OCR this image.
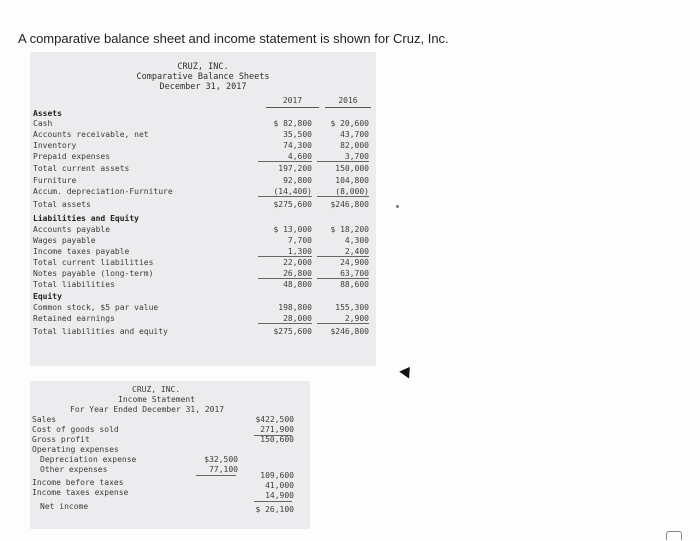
A comparative balance sheet and income statement is shown for Cruz, Inc.
CRUZ, INC.
Comparative Balance Sheets
December 31, 2017
2017	2016
Assets
Cash	$ 82,800	$ 20,600
Accounts receivable, net	35,500	43,700
Inventory	74,300	82,000
Prepaid expenses	4,600	3,700
Total current assets	197,200	150,000
Furniture	92,800	104,800
Accum. depreciation-Furniture	(14,400)	(8,000)
Total assets	$275,600	$246,800
Liabilities and Equity
Accounts payable	$ 13,000	$ 18,200
Wages payable	7,700	4,300
Income taxes payable	1,300	2,400
Total current liabilities	22,000	24,900
Notes payable (long-term)	26,800	63,700
Total liabilities	48,800	88,600
Equity
Common stock, $5 par value	198,800	155,300
Retained earnings	28,000	2,900
Total liabilities and equity	$275,600	$246,800
CRUZ, INC.
Income Statement
For Year Ended December 31, 2017
Sales	$422,500
Cost of goods sold	271,900
Gross profit	150,600
Operating expenses
Depreciation expense	$32,500
Other expenses	77,100
109,600
Income before taxes	41,000
Income taxes expense	14,900
Net income	$ 26,100
